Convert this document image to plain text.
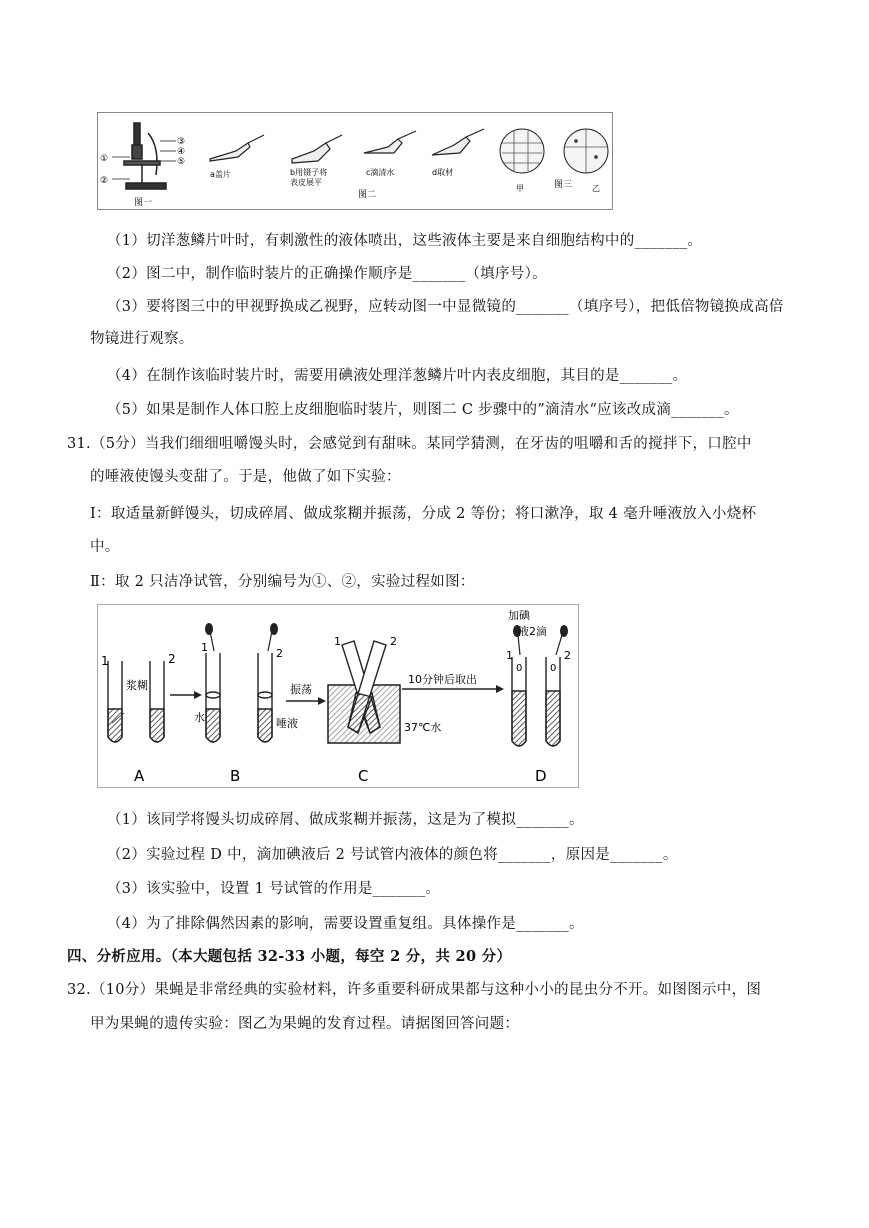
①
②
③
④
⑤
图一
a盖片	b用镊子将
表皮展平
c滴清水	d取材
图二
甲	图三 乙
（1）切洋葱鳞片叶时，有刺激性的液体喷出，这些液体主要是来自细胞结构中的_______。
（2）图二中，制作临时装片的正确操作顺序是_______（填序号）。
（3）要将图三中的甲视野换成乙视野，应转动图一中显微镜的_______（填序号），把低倍物镜换成高倍
物镜进行观察。
（4）在制作该临时装片时，需要用碘液处理洋葱鳞片叶内表皮细胞，其目的是_______。
（5）如果是制作人体口腔上皮细胞临时装片，则图二 C 步骤中的”滴清水“应该改成滴_______。
31.（5分）当我们细细咀嚼馒头时，会感觉到有甜味。某同学猜测，在牙齿的咀嚼和舌的搅拌下，口腔中
的唾液使馒头变甜了。于是，他做了如下实验：
Ⅰ：取适量新鲜馒头，切成碎屑、做成浆糊并振荡，分成 2 等份；将口漱净，取 4 毫升唾液放入小烧杯
中。
Ⅱ：取 2 只洁净试管，分别编号为①、②，实验过程如图：
1	2
浆糊
A
1	2
水	唾液
振荡
B
1	2
37℃水
10分钟后取出
C
加碘
液2滴
1	2
0	0
D
（1）该同学将馒头切成碎屑、做成浆糊并振荡，这是为了模拟_______。
（2）实验过程 D 中，滴加碘液后 2 号试管内液体的颜色将_______，原因是_______。
（3）该实验中，设置 1 号试管的作用是_______。
（4）为了排除偶然因素的影响，需要设置重复组。具体操作是_______。
四、分析应用。（本大题包括 32-33 小题，每空 2 分，共 20 分）
32.（10分）果蝇是非常经典的实验材料，许多重要科研成果都与这种小小的昆虫分不开。如图图示中，图
甲为果蝇的遗传实验：图乙为果蝇的发育过程。请据图回答问题：
